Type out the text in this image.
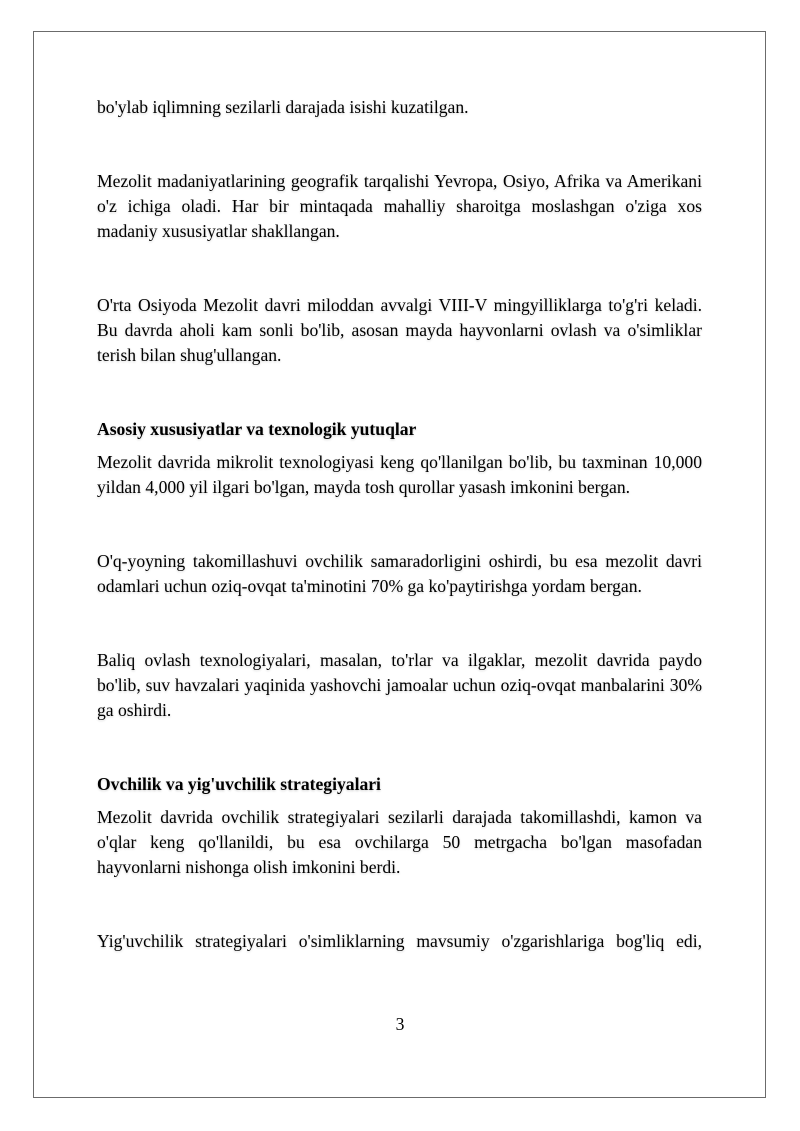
bo'ylab iqlimning sezilarli darajada isishi kuzatilgan.

Mezolit madaniyatlarining geografik tarqalishi Yevropa, Osiyo, Afrika va Amerikani o'z ichiga oladi. Har bir mintaqada mahalliy sharoitga moslashgan o'ziga xos madaniy xususiyatlar shakllangan.

O'rta Osiyoda Mezolit davri miloddan avvalgi VIII-V mingyilliklarga to'g'ri keladi. Bu davrda aholi kam sonli bo'lib, asosan mayda hayvonlarni ovlash va o'simliklar terish bilan shug'ullangan.

Asosiy xususiyatlar va texnologik yutuqlar

Mezolit davrida mikrolit texnologiyasi keng qo'llanilgan bo'lib, bu taxminan 10,000 yildan 4,000 yil ilgari bo'lgan, mayda tosh qurollar yasash imkonini bergan.

O'q-yoyning takomillashuvi ovchilik samaradorligini oshirdi, bu esa mezolit davri odamlari uchun oziq-ovqat ta'minotini 70% ga ko'paytirishga yordam bergan.

Baliq ovlash texnologiyalari, masalan, to'rlar va ilgaklar, mezolit davrida paydo bo'lib, suv havzalari yaqinida yashovchi jamoalar uchun oziq-ovqat manbalarini 30% ga oshirdi.

Ovchilik va yig'uvchilik strategiyalari

Mezolit davrida ovchilik strategiyalari sezilarli darajada takomillashdi, kamon va o'qlar keng qo'llanildi, bu esa ovchilarga 50 metrgacha bo'lgan masofadan hayvonlarni nishonga olish imkonini berdi.

Yig'uvchilik strategiyalari o'simliklarning mavsumiy o'zgarishlariga bog'liq edi,

3
